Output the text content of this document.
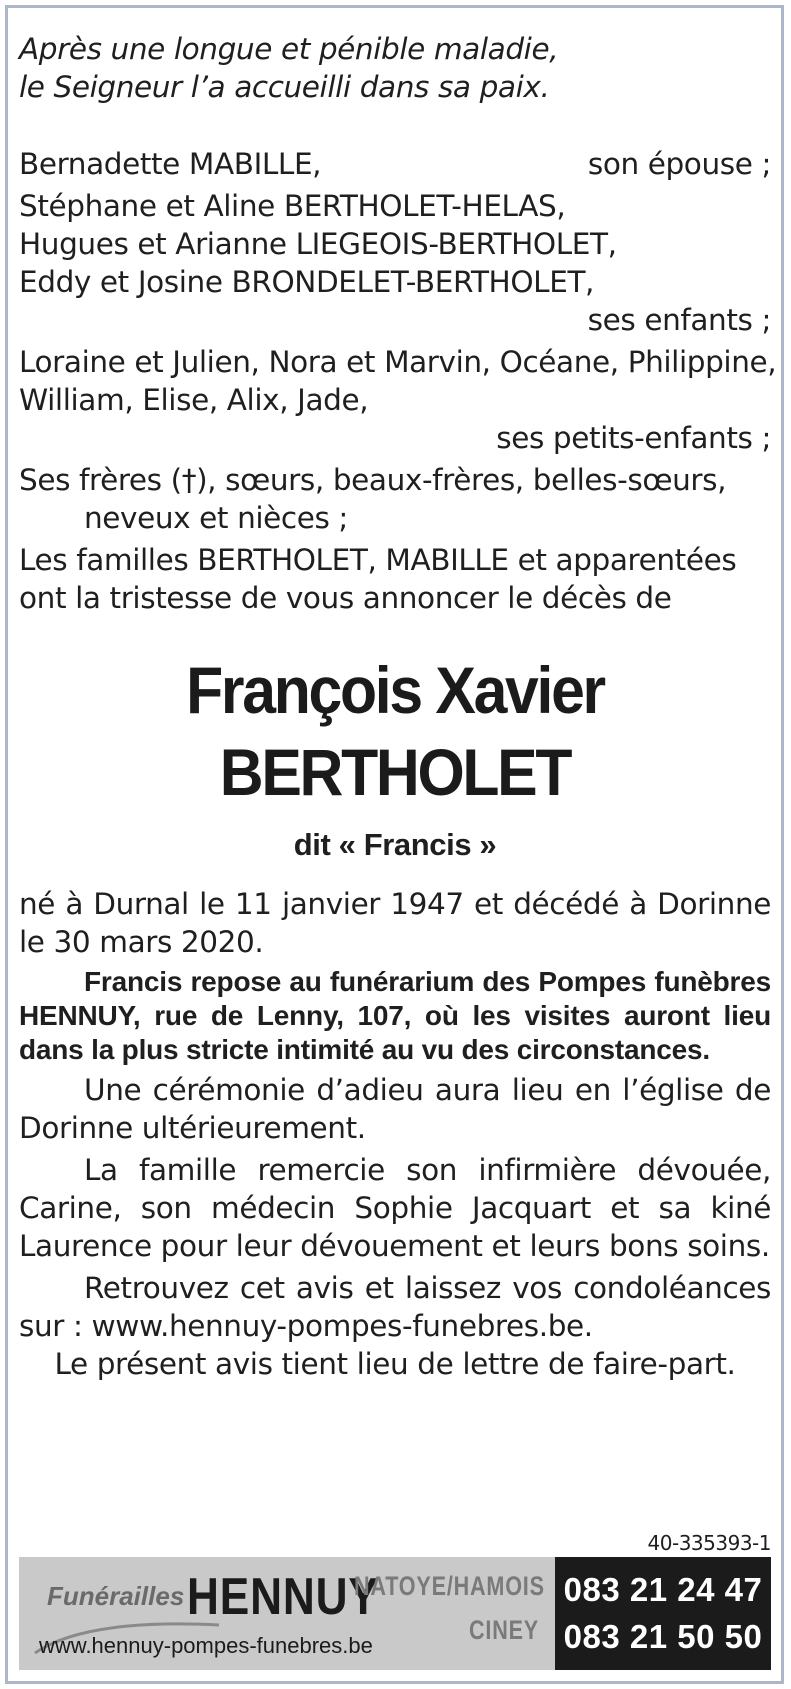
Après une longue et pénible maladie,
le Seigneur l’a accueilli dans sa paix.
Bernadette MABILLE,	son épouse ;
Stéphane et Aline BERTHOLET-HELAS,
Hugues et Arianne LIEGEOIS-BERTHOLET,
Eddy et Josine BRONDELET-BERTHOLET,
ses enfants ;
Loraine et Julien, Nora et Marvin, Océane, Philippine,
William, Elise, Alix, Jade,
ses petits-enfants ;
Ses frères (†), sœurs, beaux-frères, belles-sœurs,
neveux et nièces ;
Les familles BERTHOLET, MABILLE et apparentées
ont la tristesse de vous annoncer le décès de
François Xavier
BERTHOLET
dit « Francis »
né à Durnal le 11 janvier 1947 et décédé à Dorinne le 30 mars 2020.
Francis repose au funérarium des Pompes funèbres HENNUY, rue de Lenny, 107, où les visites auront lieu dans la plus stricte intimité au vu des circonstances.
Une cérémonie d’adieu aura lieu en l’église de Dorinne ultérieurement.
La famille remercie son infirmière dévouée, Carine, son médecin Sophie Jacquart et sa kiné Laurence pour leur dévouement et leurs bons soins.
Retrouvez cet avis et laissez vos condoléances sur : www.hennuy-pompes-funebres.be.
Le présent avis tient lieu de lettre de faire-part.
40-335393-1
Funérailles HENNUY
NATOYE/HAMOIS
CINEY
www.hennuy-pompes-funebres.be
083 21 24 47
083 21 50 50
